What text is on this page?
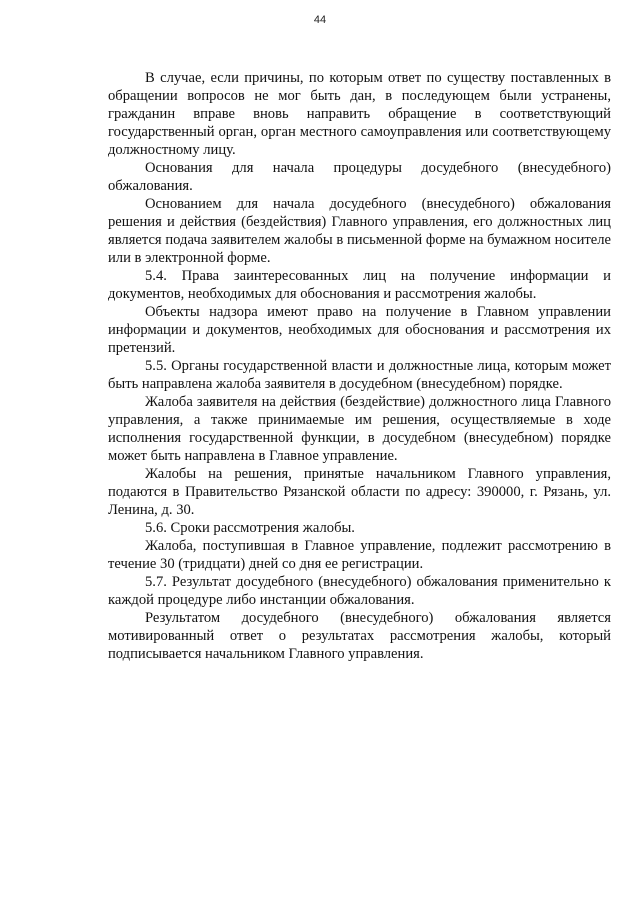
44

В случае, если причины, по которым ответ по существу поставленных в обращении вопросов не мог быть дан, в последующем были устранены, гражданин вправе вновь направить обращение в соответствующий государственный орган, орган местного самоуправления или соответствующему должностному лицу.

Основания для начала процедуры досудебного (внесудебного) обжалования.

Основанием для начала досудебного (внесудебного) обжалования решения и действия (бездействия) Главного управления, его должностных лиц является подача заявителем жалобы в письменной форме на бумажном носителе или в электронной форме.

5.4. Права заинтересованных лиц на получение информации и документов, необходимых для обоснования и рассмотрения жалобы.

Объекты надзора имеют право на получение в Главном управлении информации и документов, необходимых для обоснования и рассмотрения их претензий.

5.5. Органы государственной власти и должностные лица, которым может быть направлена жалоба заявителя в досудебном (внесудебном) порядке.

Жалоба заявителя на действия (бездействие) должностного лица Главного управления, а также принимаемые им решения, осуществляемые в ходе исполнения государственной функции, в досудебном (внесудебном) порядке может быть направлена в Главное управление.

Жалобы на решения, принятые начальником Главного управления, подаются в Правительство Рязанской области по адресу: 390000, г. Рязань, ул. Ленина, д. 30.

5.6. Сроки рассмотрения жалобы.

Жалоба, поступившая в Главное управление, подлежит рассмотрению в течение 30 (тридцати) дней со дня ее регистрации.

5.7. Результат досудебного (внесудебного) обжалования применительно к каждой процедуре либо инстанции обжалования.

Результатом досудебного (внесудебного) обжалования является мотивированный ответ о результатах рассмотрения жалобы, который подписывается начальником Главного управления.
